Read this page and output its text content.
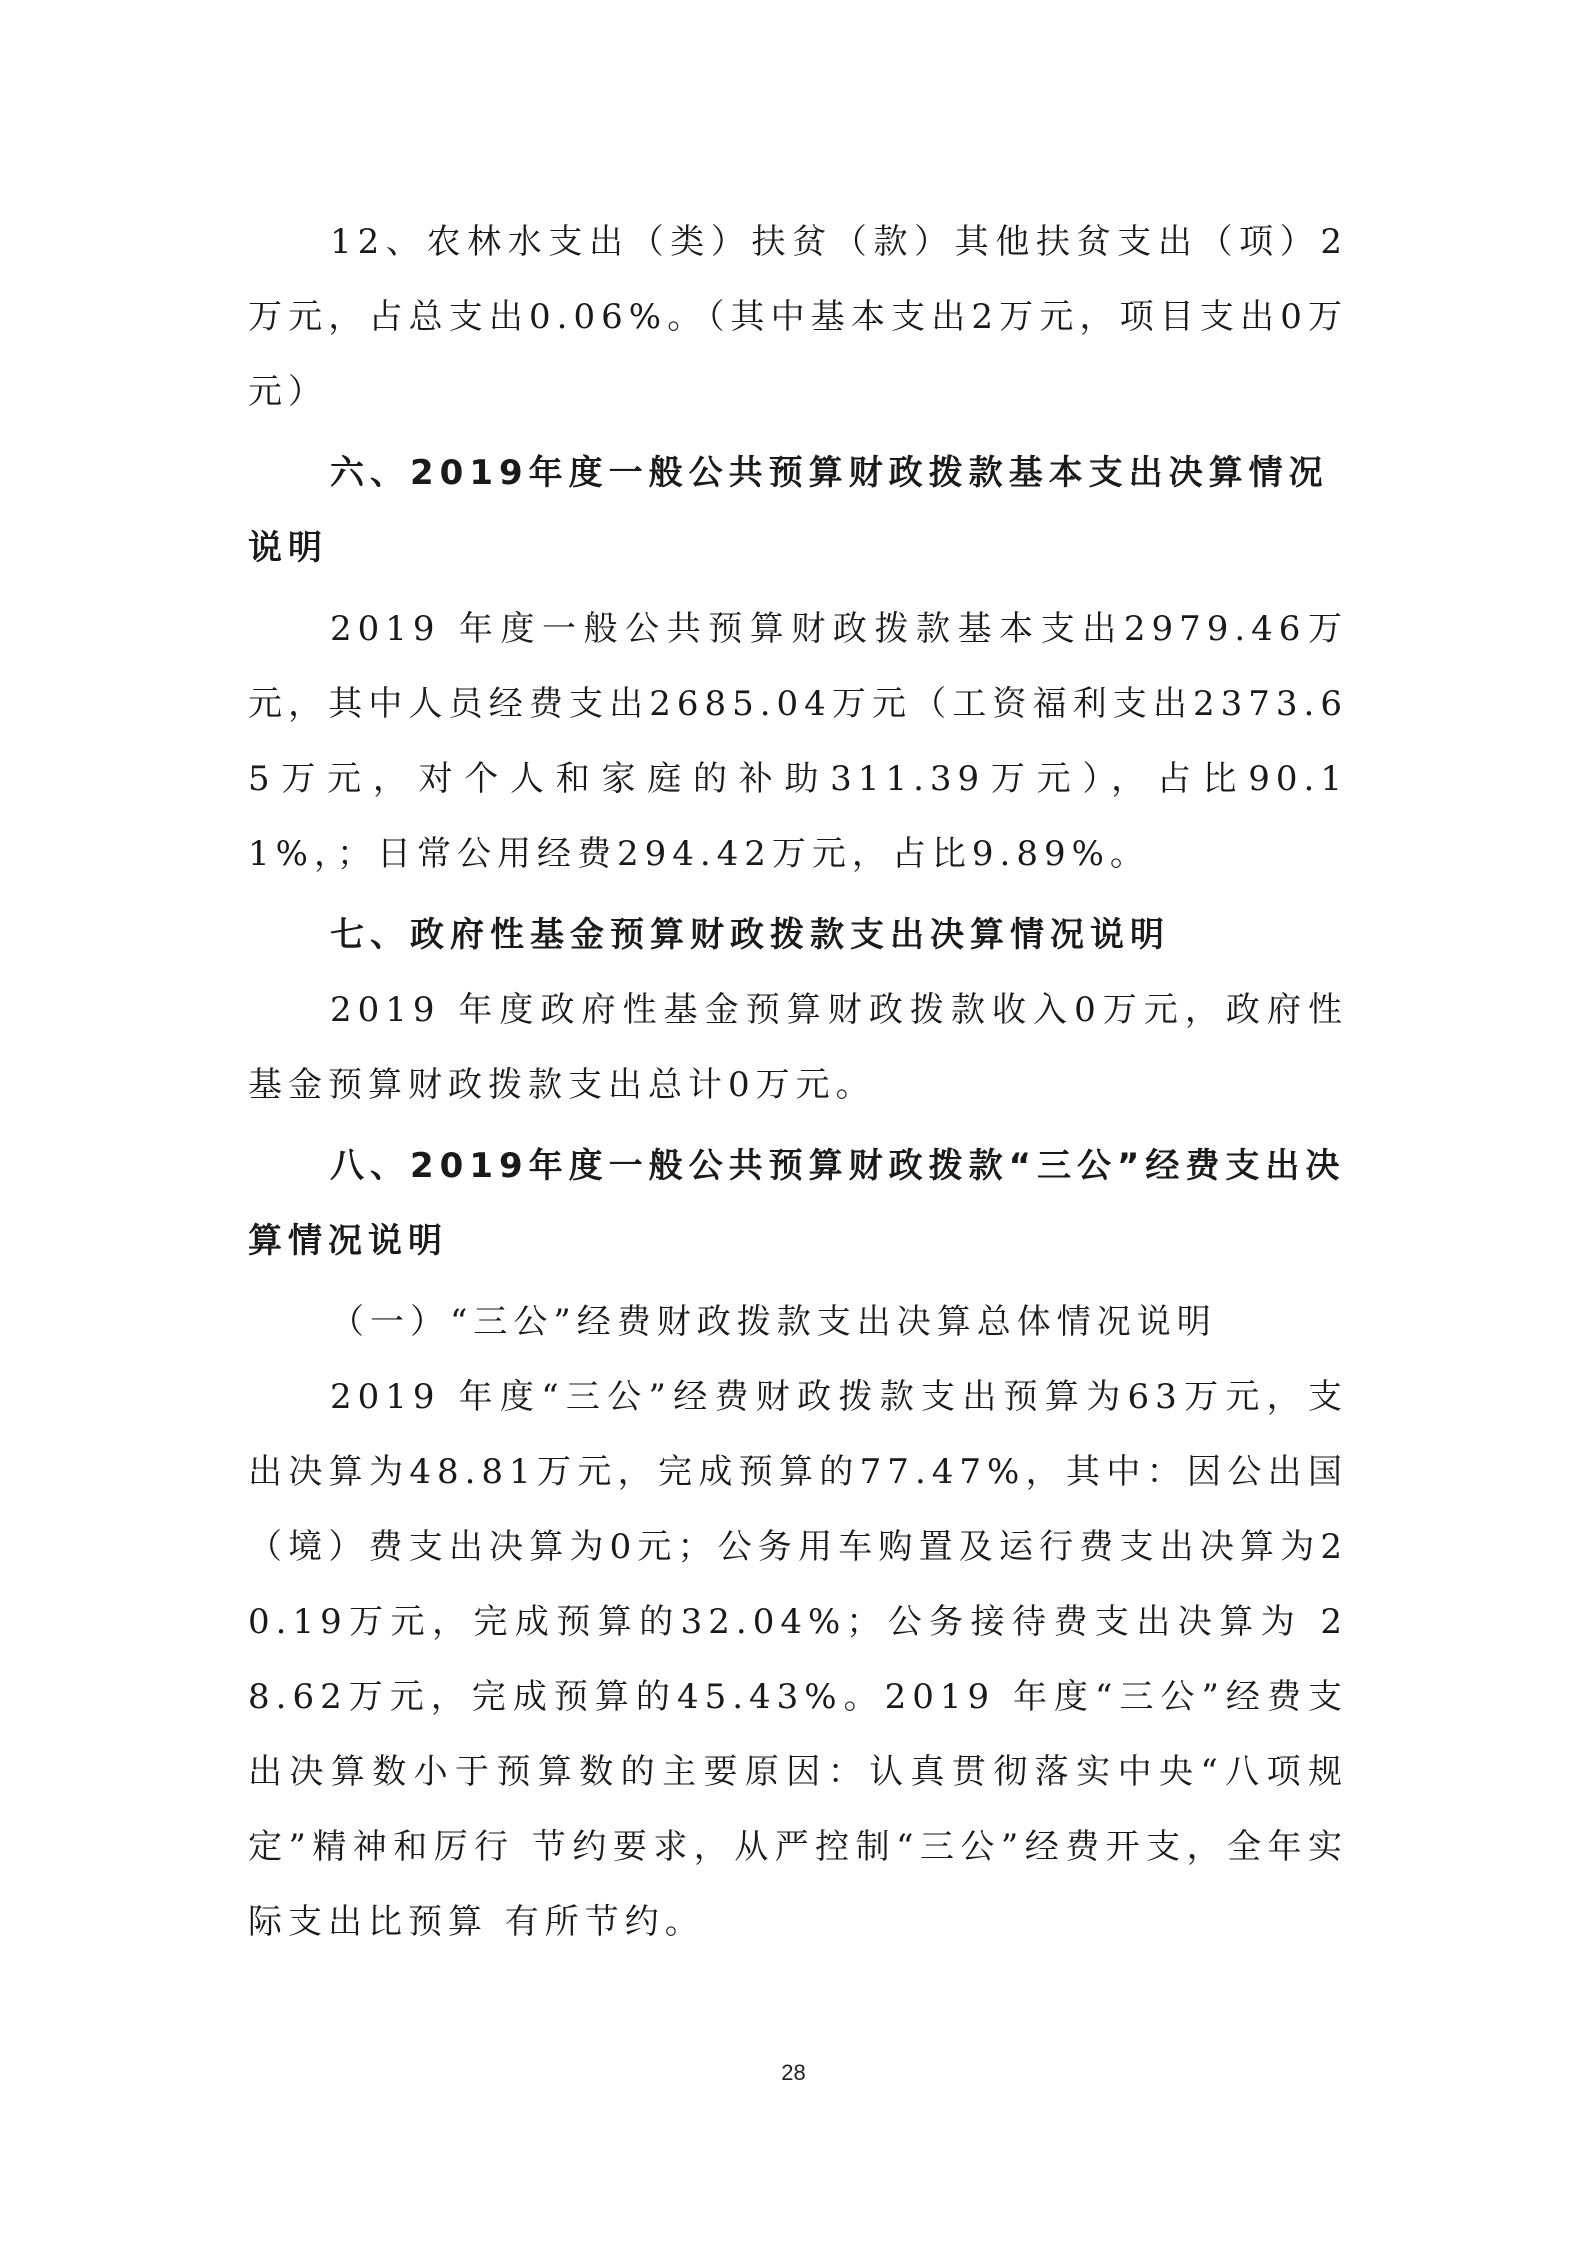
12、农林水支出（类）扶贫（款）其他扶贫支出（项）2万元，占总支出0.06%。（其中基本支出2万元，项目支出0万元）

六、2019年度一般公共预算财政拨款基本支出决算情况说明

2019 年度一般公共预算财政拨款基本支出2979.46万元，其中人员经费支出2685.04万元（工资福利支出2373.65万元，对个人和家庭的补助311.39万元），占比90.11%，；日常公用经费294.42万元，占比9.89%。

七、政府性基金预算财政拨款支出决算情况说明

2019 年度政府性基金预算财政拨款收入0万元，政府性基金预算财政拨款支出总计0万元。

八、2019年度一般公共预算财政拨款“三公”经费支出决算情况说明

（一）“三公”经费财政拨款支出决算总体情况说明

2019 年度“三公”经费财政拨款支出预算为63万元，支出决算为48.81万元，完成预算的77.47%，其中：因公出国（境）费支出决算为0元；公务用车购置及运行费支出决算为20.19万元，完成预算的32.04%；公务接待费支出决算为 28.62万元，完成预算的45.43%。2019 年度“三公”经费支出决算数小于预算数的主要原因：认真贯彻落实中央“八项规定”精神和厉行 节约要求，从严控制“三公”经费开支，全年实际支出比预算 有所节约。

28
